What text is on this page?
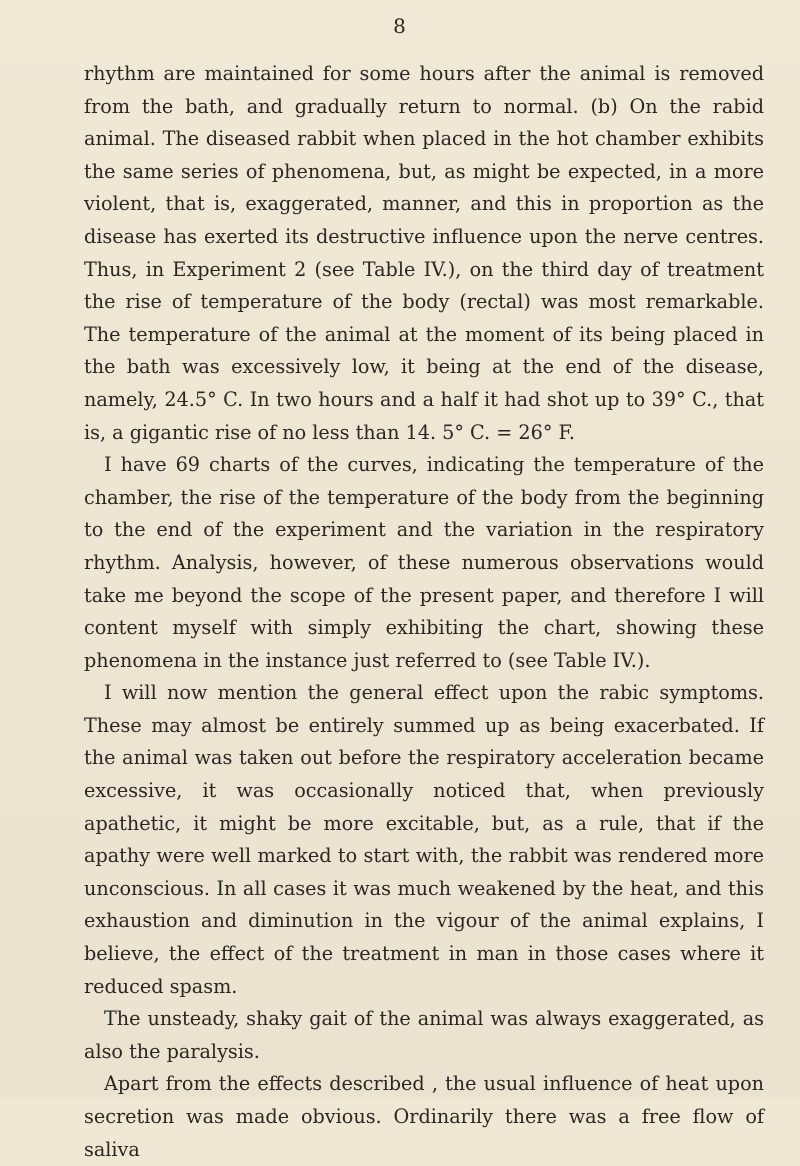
8

rhythm are maintained for some hours after the animal is removed from the bath, and gradually return to normal. (b) On the rabid animal. The diseased rabbit when placed in the hot chamber exhibits the same series of phenomena, but, as might be expected, in a more violent, that is, exaggerated, manner, and this in proportion as the disease has exerted its destructive influence upon the nerve centres. Thus, in Experiment 2 (see Table IV.), on the third day of treatment the rise of temperature of the body (rectal) was most remarkable. The temperature of the animal at the moment of its being placed in the bath was excessively low, it being at the end of the disease, namely, 24.5° C. In two hours and a half it had shot up to 39° C., that is, a gigantic rise of no less than 14. 5° C. = 26° F.

I have 69 charts of the curves, indicating the temperature of the chamber, the rise of the temperature of the body from the beginning to the end of the experiment and the variation in the respiratory rhythm. Analysis, however, of these numerous observations would take me beyond the scope of the present paper, and therefore I will content myself with simply exhibiting the chart, showing these phenomena in the instance just referred to (see Table IV.).

I will now mention the general effect upon the rabic symptoms. These may almost be entirely summed up as being exacerbated. If the animal was taken out before the respiratory acceleration became excessive, it was occasionally noticed that, when previously apathetic, it might be more excitable, but, as a rule, that if the apathy were well marked to start with, the rabbit was rendered more unconscious. In all cases it was much weakened by the heat, and this exhaustion and diminution in the vigour of the animal explains, I believe, the effect of the treatment in man in those cases where it reduced spasm.

The unsteady, shaky gait of the animal was always exaggerated, as also the paralysis.

Apart from the effects described , the usual influence of heat upon secretion was made obvious. Ordinarily there was a free flow of saliva
